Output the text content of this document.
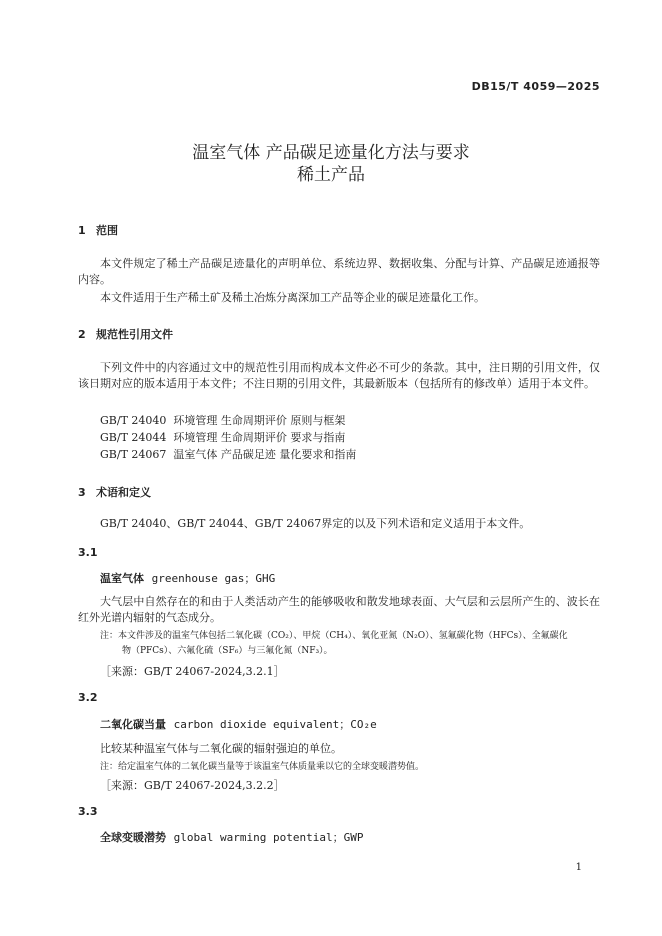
DB15/T 4059—2025
温室气体 产品碳足迹量化方法与要求
稀土产品
1 范围
本文件规定了稀土产品碳足迹量化的声明单位、系统边界、数据收集、分配与计算、产品碳足迹通报等内容。
本文件适用于生产稀土矿及稀土冶炼分离深加工产品等企业的碳足迹量化工作。
2 规范性引用文件
下列文件中的内容通过文中的规范性引用而构成本文件必不可少的条款。其中，注日期的引用文件，仅该日期对应的版本适用于本文件；不注日期的引用文件，其最新版本（包括所有的修改单）适用于本文件。
GB/T 24040  环境管理 生命周期评价 原则与框架
GB/T 24044  环境管理 生命周期评价 要求与指南
GB/T 24067  温室气体 产品碳足迹 量化要求和指南
3 术语和定义
GB/T 24040、GB/T 24044、GB/T 24067界定的以及下列术语和定义适用于本文件。
3.1
温室气体 greenhouse gas；GHG
大气层中自然存在的和由于人类活动产生的能够吸收和散发地球表面、大气层和云层所产生的、波长在红外光谱内辐射的气态成分。
注：本文件涉及的温室气体包括二氧化碳（CO₂）、甲烷（CH₄）、氧化亚氮（N₂O）、氢氟碳化物（HFCs）、全氟碳化
物（PFCs）、六氟化硫（SF₆）与三氟化氮（NF₃）。
［来源：GB/T 24067-2024,3.2.1］
3.2
二氧化碳当量 carbon dioxide equivalent；CO₂e
比较某种温室气体与二氧化碳的辐射强迫的单位。
注：给定温室气体的二氧化碳当量等于该温室气体质量乘以它的全球变暖潜势值。
［来源：GB/T 24067-2024,3.2.2］
3.3
全球变暖潜势 global warming potential；GWP
1
